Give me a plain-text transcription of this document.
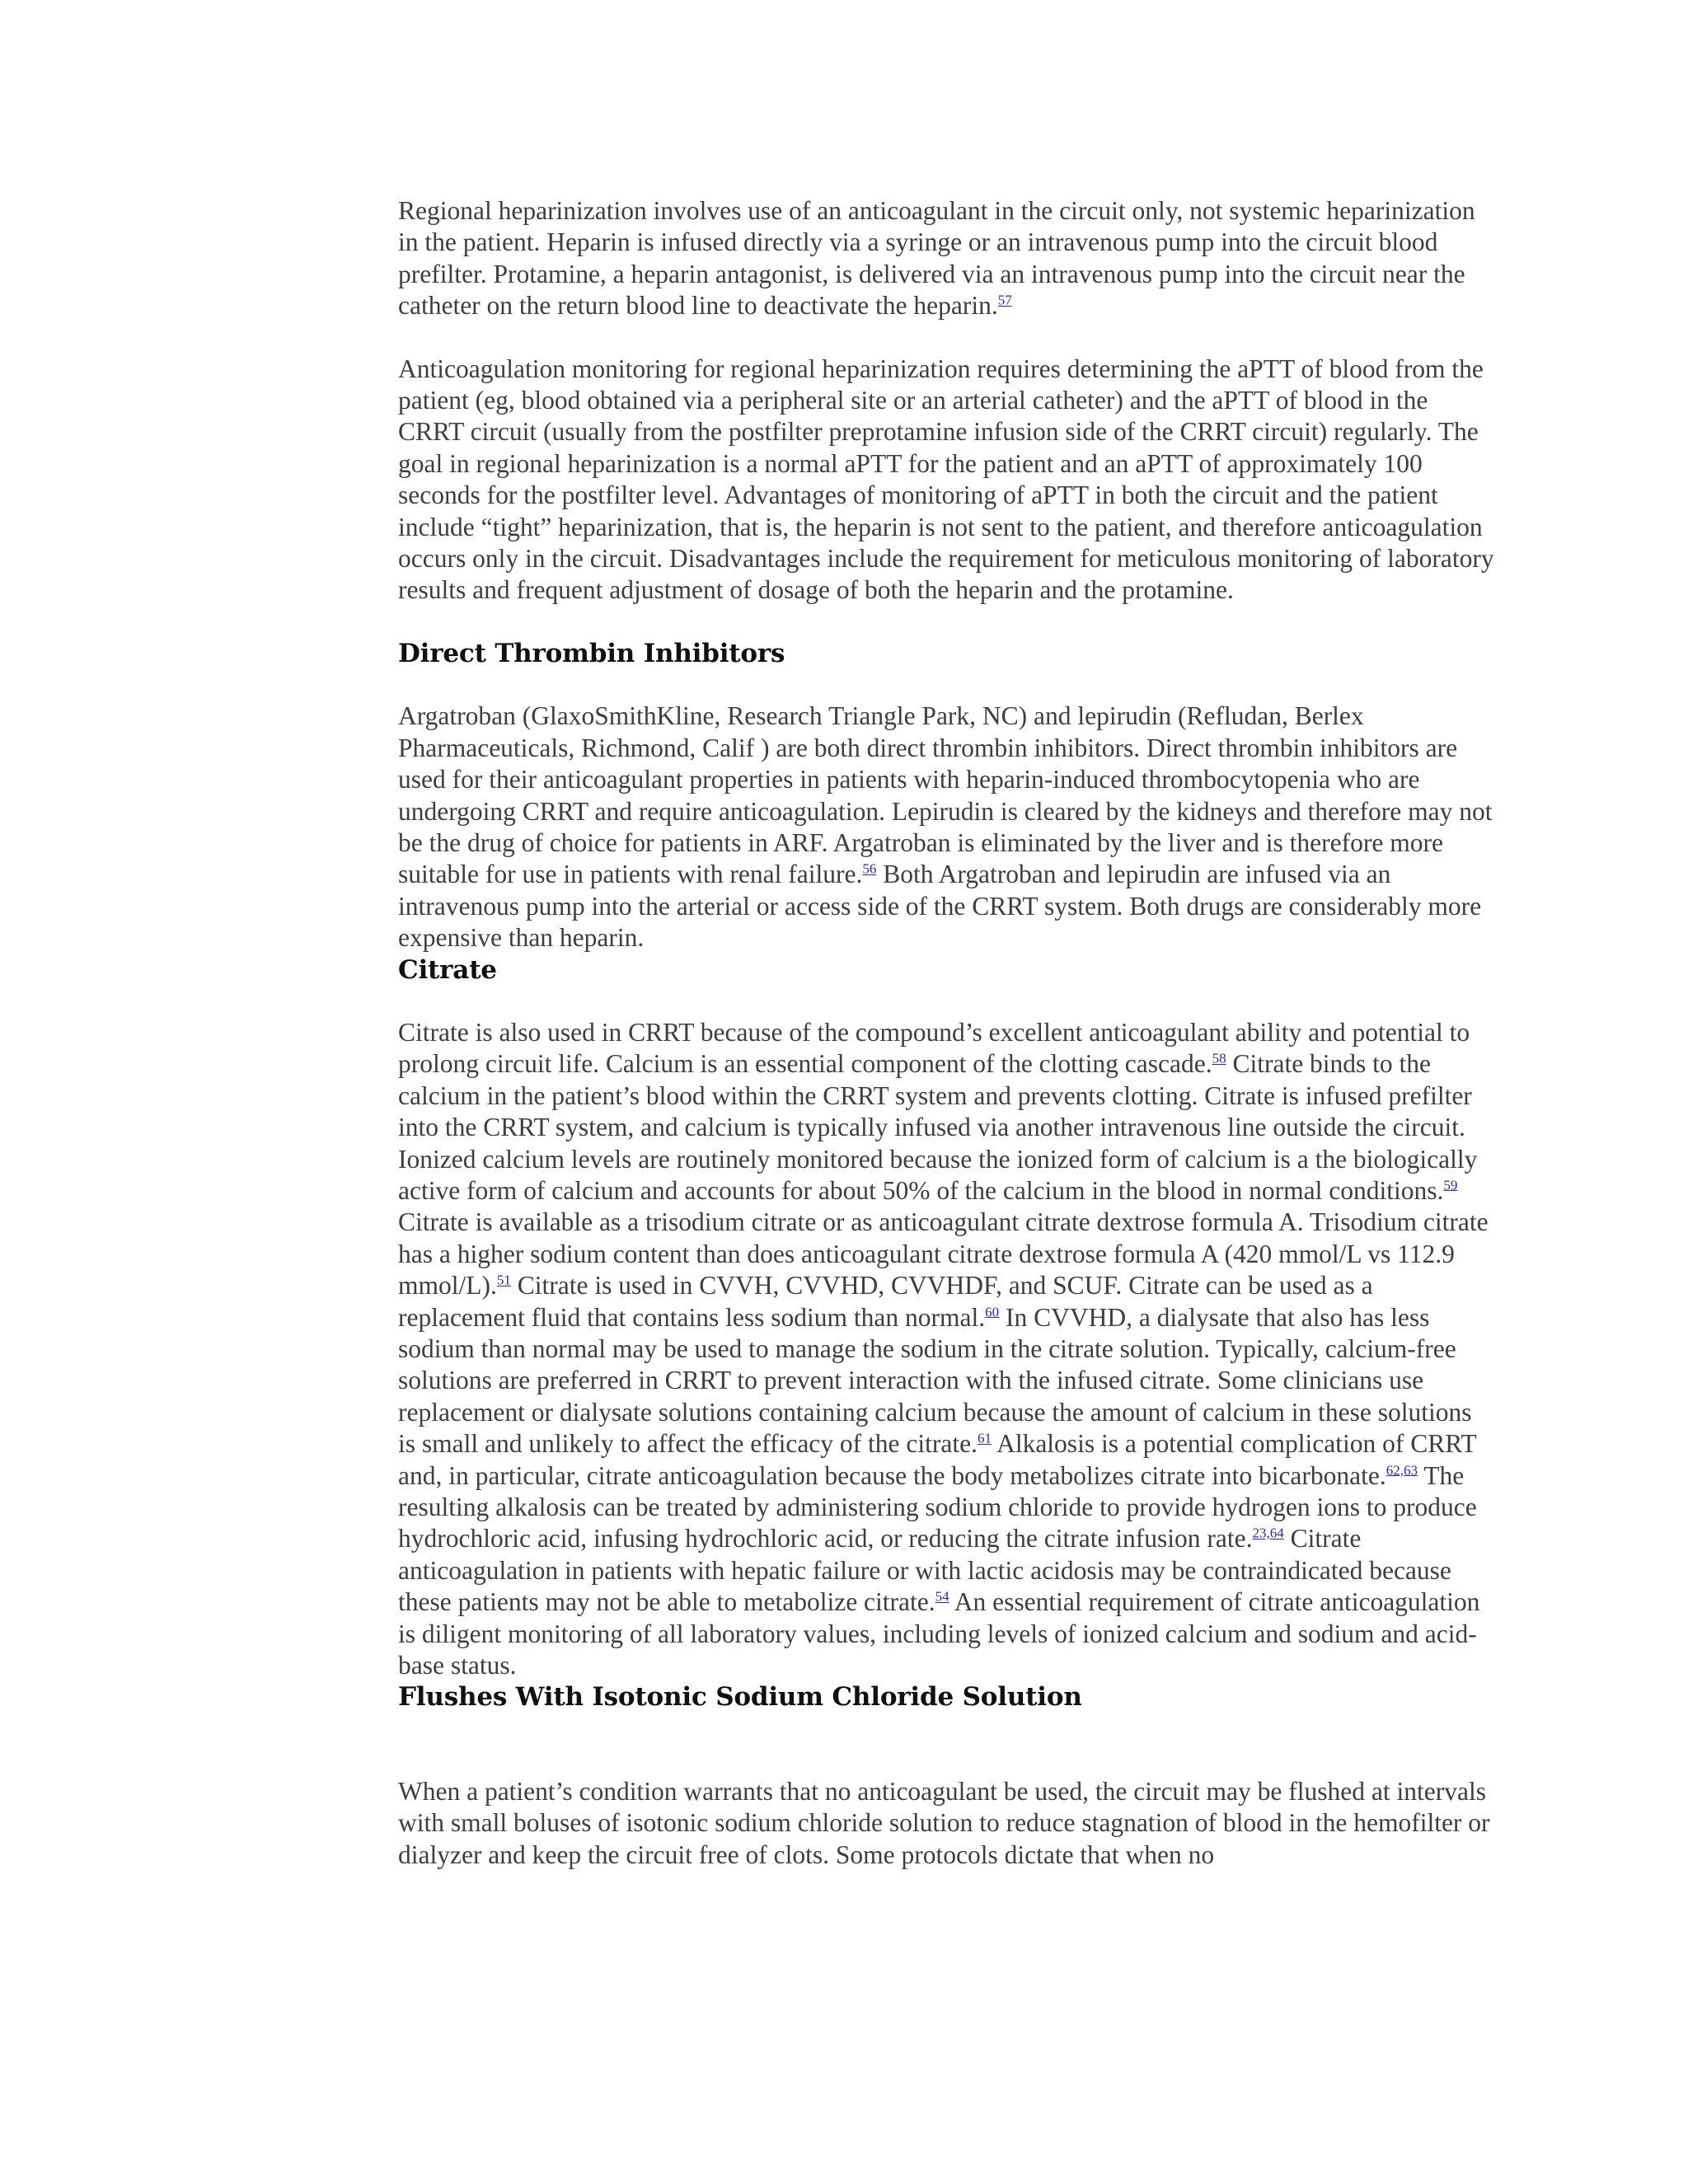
Regional heparinization involves use of an anticoagulant in the circuit only, not systemic heparinization in the patient. Heparin is infused directly via a syringe or an intravenous pump into the circuit blood prefilter. Protamine, a heparin antagonist, is delivered via an intravenous pump into the circuit near the catheter on the return blood line to deactivate the heparin.$^{57}$

Anticoagulation monitoring for regional heparinization requires determining the aPTT of blood from the patient (eg, blood obtained via a peripheral site or an arterial catheter) and the aPTT of blood in the CRRT circuit (usually from the postfilter preprotamine infusion side of the CRRT circuit) regularly. The goal in regional heparinization is a normal aPTT for the patient and an aPTT of approximately 100 seconds for the postfilter level. Advantages of monitoring of aPTT in both the circuit and the patient include “tight” heparinization, that is, the heparin is not sent to the patient, and therefore anticoagulation occurs only in the circuit. Disadvantages include the requirement for meticulous monitoring of laboratory results and frequent adjustment of dosage of both the heparin and the protamine.

Direct Thrombin Inhibitors

Argatroban (GlaxoSmithKline, Research Triangle Park, NC) and lepirudin (Refludan, Berlex Pharmaceuticals, Richmond, Calif ) are both direct thrombin inhibitors. Direct thrombin inhibitors are used for their anticoagulant properties in patients with heparin-induced thrombocytopenia who are undergoing CRRT and require anticoagulation. Lepirudin is cleared by the kidneys and therefore may not be the drug of choice for patients in ARF. Argatroban is eliminated by the liver and is therefore more suitable for use in patients with renal failure.$^{56}$ Both Argatroban and lepirudin are infused via an intravenous pump into the arterial or access side of the CRRT system. Both drugs are considerably more expensive than heparin.

Citrate

Citrate is also used in CRRT because of the compound’s excellent anticoagulant ability and potential to prolong circuit life. Calcium is an essential component of the clotting cascade.$^{58}$ Citrate binds to the calcium in the patient’s blood within the CRRT system and prevents clotting. Citrate is infused prefilter into the CRRT system, and calcium is typically infused via another intravenous line outside the circuit. Ionized calcium levels are routinely monitored because the ionized form of calcium is a the biologically active form of calcium and accounts for about 50% of the calcium in the blood in normal conditions.$^{59}$

Citrate is available as a trisodium citrate or as anticoagulant citrate dextrose formula A. Trisodium citrate has a higher sodium content than does anticoagulant citrate dextrose formula A (420 mmol/L vs 112.9 mmol/L).$^{51}$ Citrate is used in CVVH, CVVHD, CVVHDF, and SCUF. Citrate can be used as a replacement fluid that contains less sodium than normal.$^{60}$ In CVVHD, a dialysate that also has less sodium than normal may be used to manage the sodium in the citrate solution. Typically, calcium-free solutions are preferred in CRRT to prevent interaction with the infused citrate. Some clinicians use replacement or dialysate solutions containing calcium because the amount of calcium in these solutions is small and unlikely to affect the efficacy of the citrate.$^{61}$ Alkalosis is a potential complication of CRRT and, in particular, citrate anticoagulation because the body metabolizes citrate into bicarbonate.$^{62,63}$ The resulting alkalosis can be treated by administering sodium chloride to provide hydrogen ions to produce hydrochloric acid, infusing hydrochloric acid, or reducing the citrate infusion rate.$^{23,64}$ Citrate anticoagulation in patients with hepatic failure or with lactic acidosis may be contraindicated because these patients may not be able to metabolize citrate.$^{54}$ An essential requirement of citrate anticoagulation is diligent monitoring of all laboratory values, including levels of ionized calcium and sodium and acid-base status.

Flushes With Isotonic Sodium Chloride Solution

When a patient’s condition warrants that no anticoagulant be used, the circuit may be flushed at intervals with small boluses of isotonic sodium chloride solution to reduce stagnation of blood in the hemofilter or dialyzer and keep the circuit free of clots. Some protocols dictate that when no
